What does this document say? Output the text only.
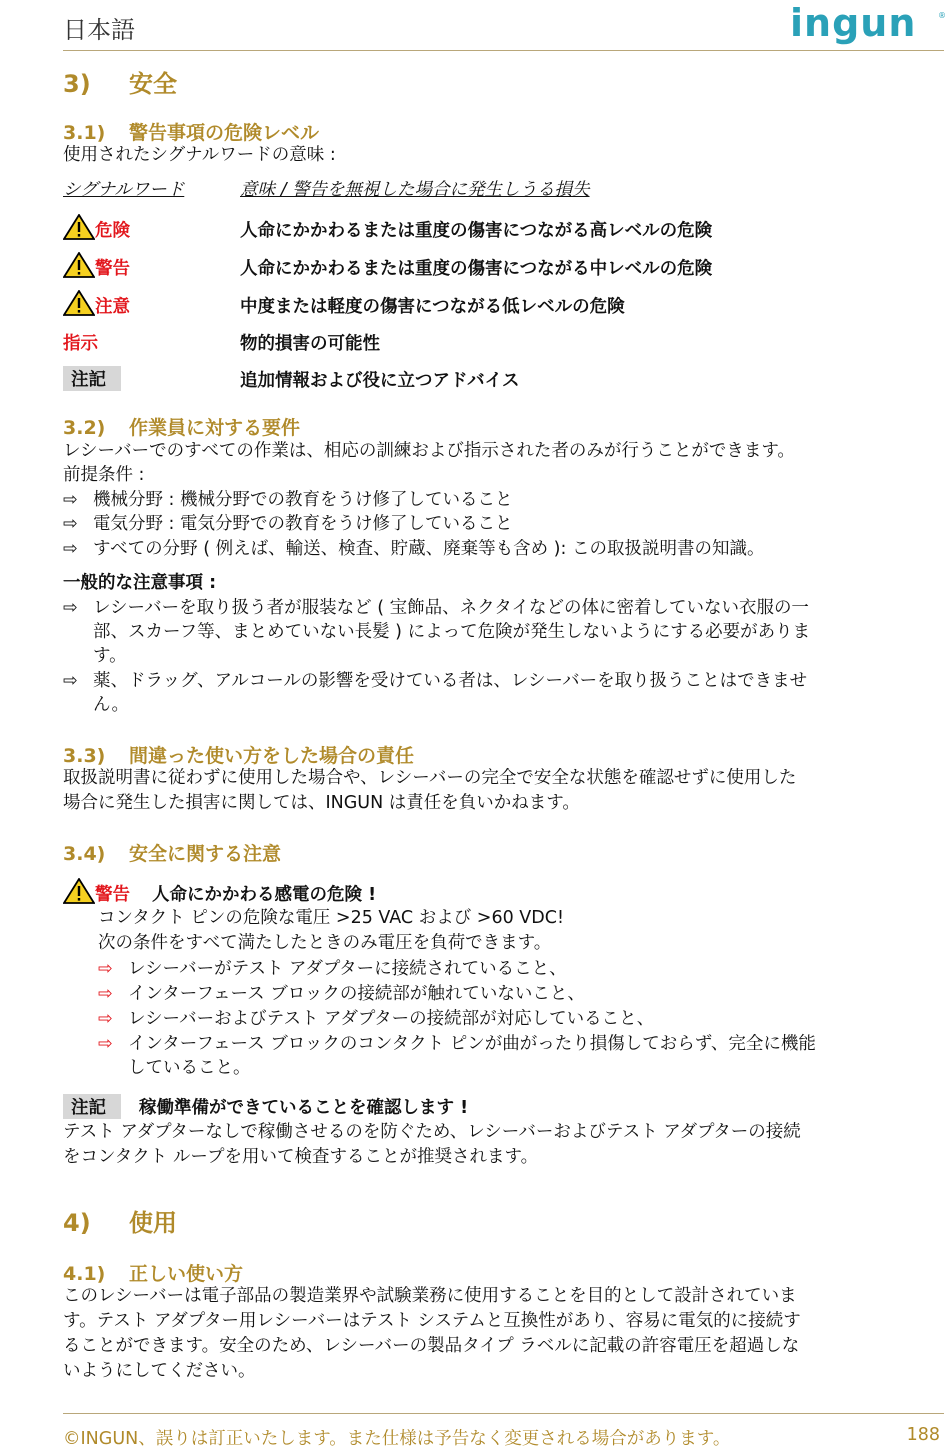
日本語	ingun	®
3) 安全
3.1) 警告事項の危険レベル
使用されたシグナルワードの意味 :
シグナルワード	意味 / 警告を無視した場合に発生しうる損失
危険	人命にかかわるまたは重度の傷害につながる高レベルの危険
警告	人命にかかわるまたは重度の傷害につながる中レベルの危険
注意	中度または軽度の傷害につながる低レベルの危険
指示	物的損害の可能性
注記	追加情報および役に立つアドバイス
3.2) 作業員に対する要件
レシーバーでのすべての作業は、相応の訓練および指示された者のみが行うことができます。
前提条件 :
⇨ 機械分野 : 機械分野での教育をうけ修了していること
⇨ 電気分野 : 電気分野での教育をうけ修了していること
⇨ すべての分野 ( 例えば、輸送、検査、貯蔵、廃棄等も含め ): この取扱説明書の知識。
一般的な注意事項 :
⇨ レシーバーを取り扱う者が服装など ( 宝飾品、ネクタイなどの体に密着していない衣服の一
部、スカーフ等、まとめていない長髪 ) によって危険が発生しないようにする必要がありま
す。
⇨ 薬、ドラッグ、アルコールの影響を受けている者は、レシーバーを取り扱うことはできませ
ん。
3.3) 間違った使い方をした場合の責任
取扱説明書に従わずに使用した場合や、レシーバーの完全で安全な状態を確認せずに使用した
場合に発生した損害に関しては、INGUN は責任を負いかねます。
3.4) 安全に関する注意
警告 人命にかかわる感電の危険 !
コンタクト ピンの危険な電圧 >25 VAC および >60 VDC!
次の条件をすべて満たしたときのみ電圧を負荷できます。
⇨ レシーバーがテスト アダプターに接続されていること、
⇨ インターフェース ブロックの接続部が触れていないこと、
⇨ レシーバーおよびテスト アダプターの接続部が対応していること、
⇨ インターフェース ブロックのコンタクト ピンが曲がったり損傷しておらず、完全に機能
していること。
注記 稼働準備ができていることを確認します !
テスト アダプターなしで稼働させるのを防ぐため、レシーバーおよびテスト アダプターの接続
をコンタクト ループを用いて検査することが推奨されます。
4) 使用
4.1) 正しい使い方
このレシーバーは電子部品の製造業界や試験業務に使用することを目的として設計されていま
す。テスト アダプター用レシーバーはテスト システムと互換性があり、容易に電気的に接続す
ることができます。安全のため、レシーバーの製品タイプ ラベルに記載の許容電圧を超過しな
いようにしてください。
©INGUN、誤りは訂正いたします。また仕様は予告なく変更される場合があります。	188
